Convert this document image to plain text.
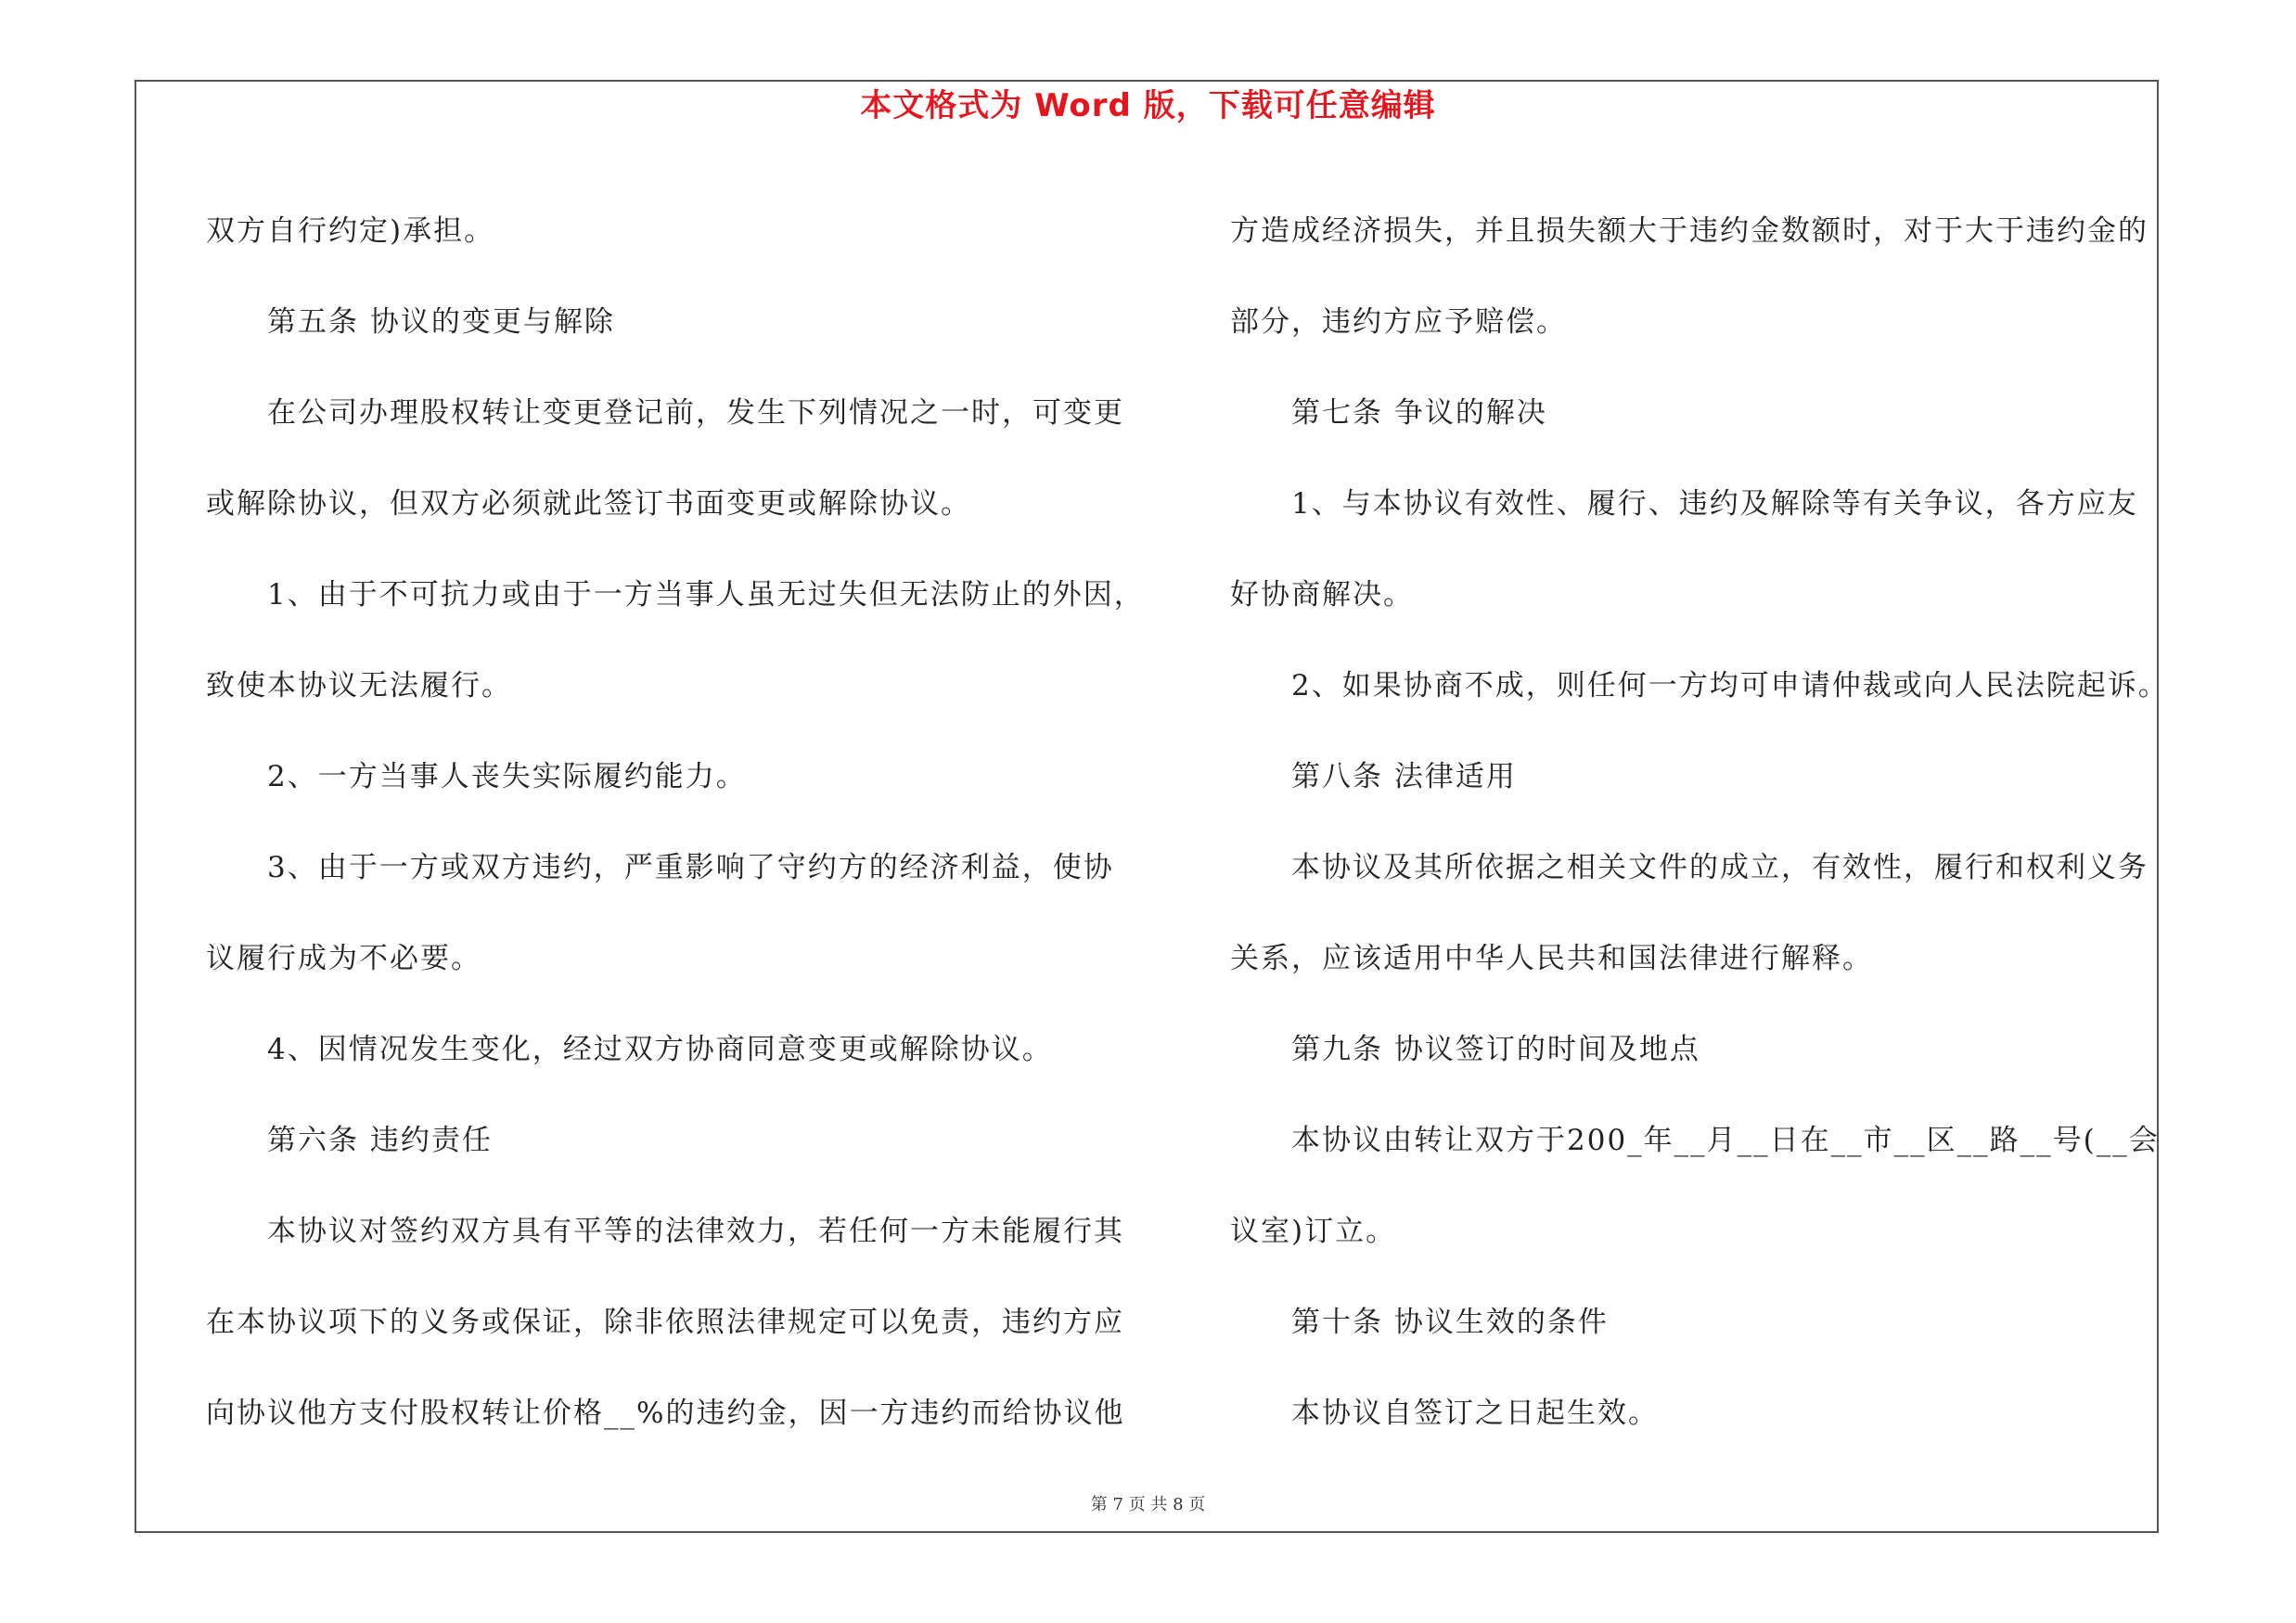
本文格式为 Word 版，下载可任意编辑

双方自行约定)承担。

第五条 协议的变更与解除

在公司办理股权转让变更登记前，发生下列情况之一时，可变更

或解除协议，但双方必须就此签订书面变更或解除协议。

1、由于不可抗力或由于一方当事人虽无过失但无法防止的外因，

致使本协议无法履行。

2、一方当事人丧失实际履约能力。

3、由于一方或双方违约，严重影响了守约方的经济利益，使协

议履行成为不必要。

4、因情况发生变化，经过双方协商同意变更或解除协议。

第六条 违约责任

本协议对签约双方具有平等的法律效力，若任何一方未能履行其

在本协议项下的义务或保证，除非依照法律规定可以免责，违约方应

向协议他方支付股权转让价格__%的违约金，因一方违约而给协议他

方造成经济损失，并且损失额大于违约金数额时，对于大于违约金的

部分，违约方应予赔偿。

第七条 争议的解决

1、与本协议有效性、履行、违约及解除等有关争议，各方应友

好协商解决。

2、如果协商不成，则任何一方均可申请仲裁或向人民法院起诉。

第八条 法律适用

本协议及其所依据之相关文件的成立，有效性，履行和权利义务

关系，应该适用中华人民共和国法律进行解释。

第九条 协议签订的时间及地点

本协议由转让双方于200_年__月__日在__市__区__路__号(__会

议室)订立。

第十条 协议生效的条件

本协议自签订之日起生效。

第 7 页 共 8 页
